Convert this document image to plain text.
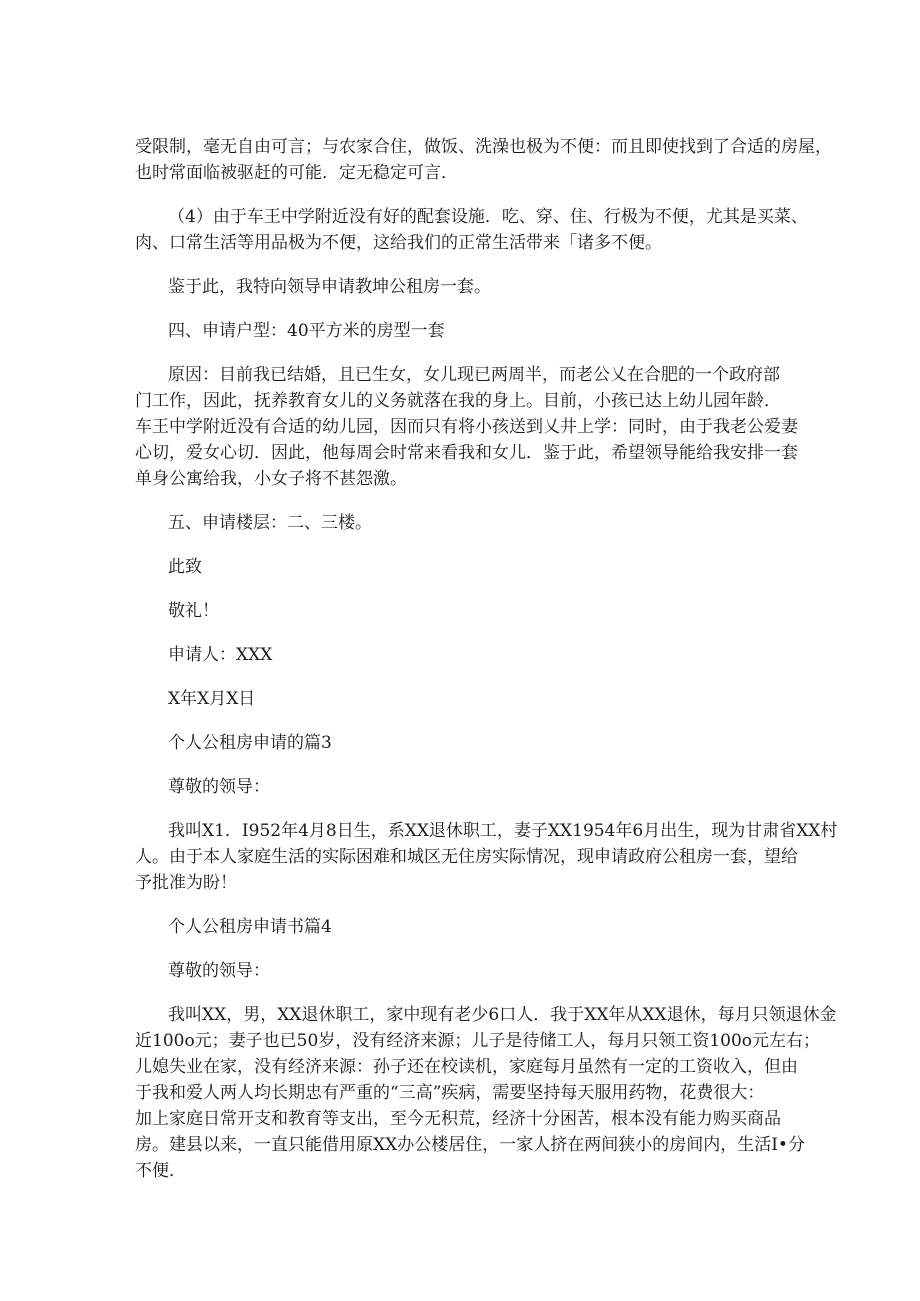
受限制，毫无自由可言；与农家合住，做饭、洗澡也极为不便：而且即使找到了合适的房屋，
也时常面临被驱赶的可能．定无稳定可言．

（4）由于车王中学附近没有好的配套设施．吃、穿、住、行极为不便，尤其是买菜、
肉、口常生活等用品极为不便，这给我们的正常生活带来「诸多不便。

鉴于此，我特向领导申请教坤公租房一套。

四、申请户型：40平方米的房型一套

原因：目前我已结婚，且已生女，女儿现已两周半，而老公乂在合肥的一个政府部
门工作，因此，抚养教育女儿的义务就落在我的身上。目前，小孩已达上幼儿园年龄．
车王中学附近没有合适的幼儿园，因而只有将小孩送到乂井上学：同时，由于我老公爱妻
心切，爱女心切．因此，他每周会时常来看我和女儿．鉴于此，希望领导能给我安排一套
单身公寓给我，小女子将不甚怨激。

五、申请楼层：二、三楼。

此致

敬礼！

申请人：XXX

X年X月X日

个人公租房申请的篇3

尊敬的领导：

我叫X1．I952年4月8日生，系XX退休职工，妻子XX1954年6月出生，现为甘肃省XX村
人。由于本人家庭生活的实际困难和城区无住房实际情况，现申请政府公租房一套，望给
予批准为盼！

个人公租房申请书篇4

尊敬的领导：

我叫XX，男，XX退休职工，家中现有老少6口人．我于XX年从XX退休，每月只领退休金
近100o元；妻子也已50岁，没有经济来源；儿子是待储工人，每月只领工资100o元左右；
儿媳失业在家，没有经济来源：孙子还在校读机，家庭每月虽然有一定的工资收入，但由
于我和爱人两人均长期忠有严重的“三高”疾病，需要坚持每天服用药物，花费很大：
加上家庭日常开支和教育等支出，至今无积荒，经济十分困苦，根本没有能力购买商品
房。建县以来，一直只能借用原XX办公楼居住，一家人挤在两间狭小的房间内，生活I•分
不便．
